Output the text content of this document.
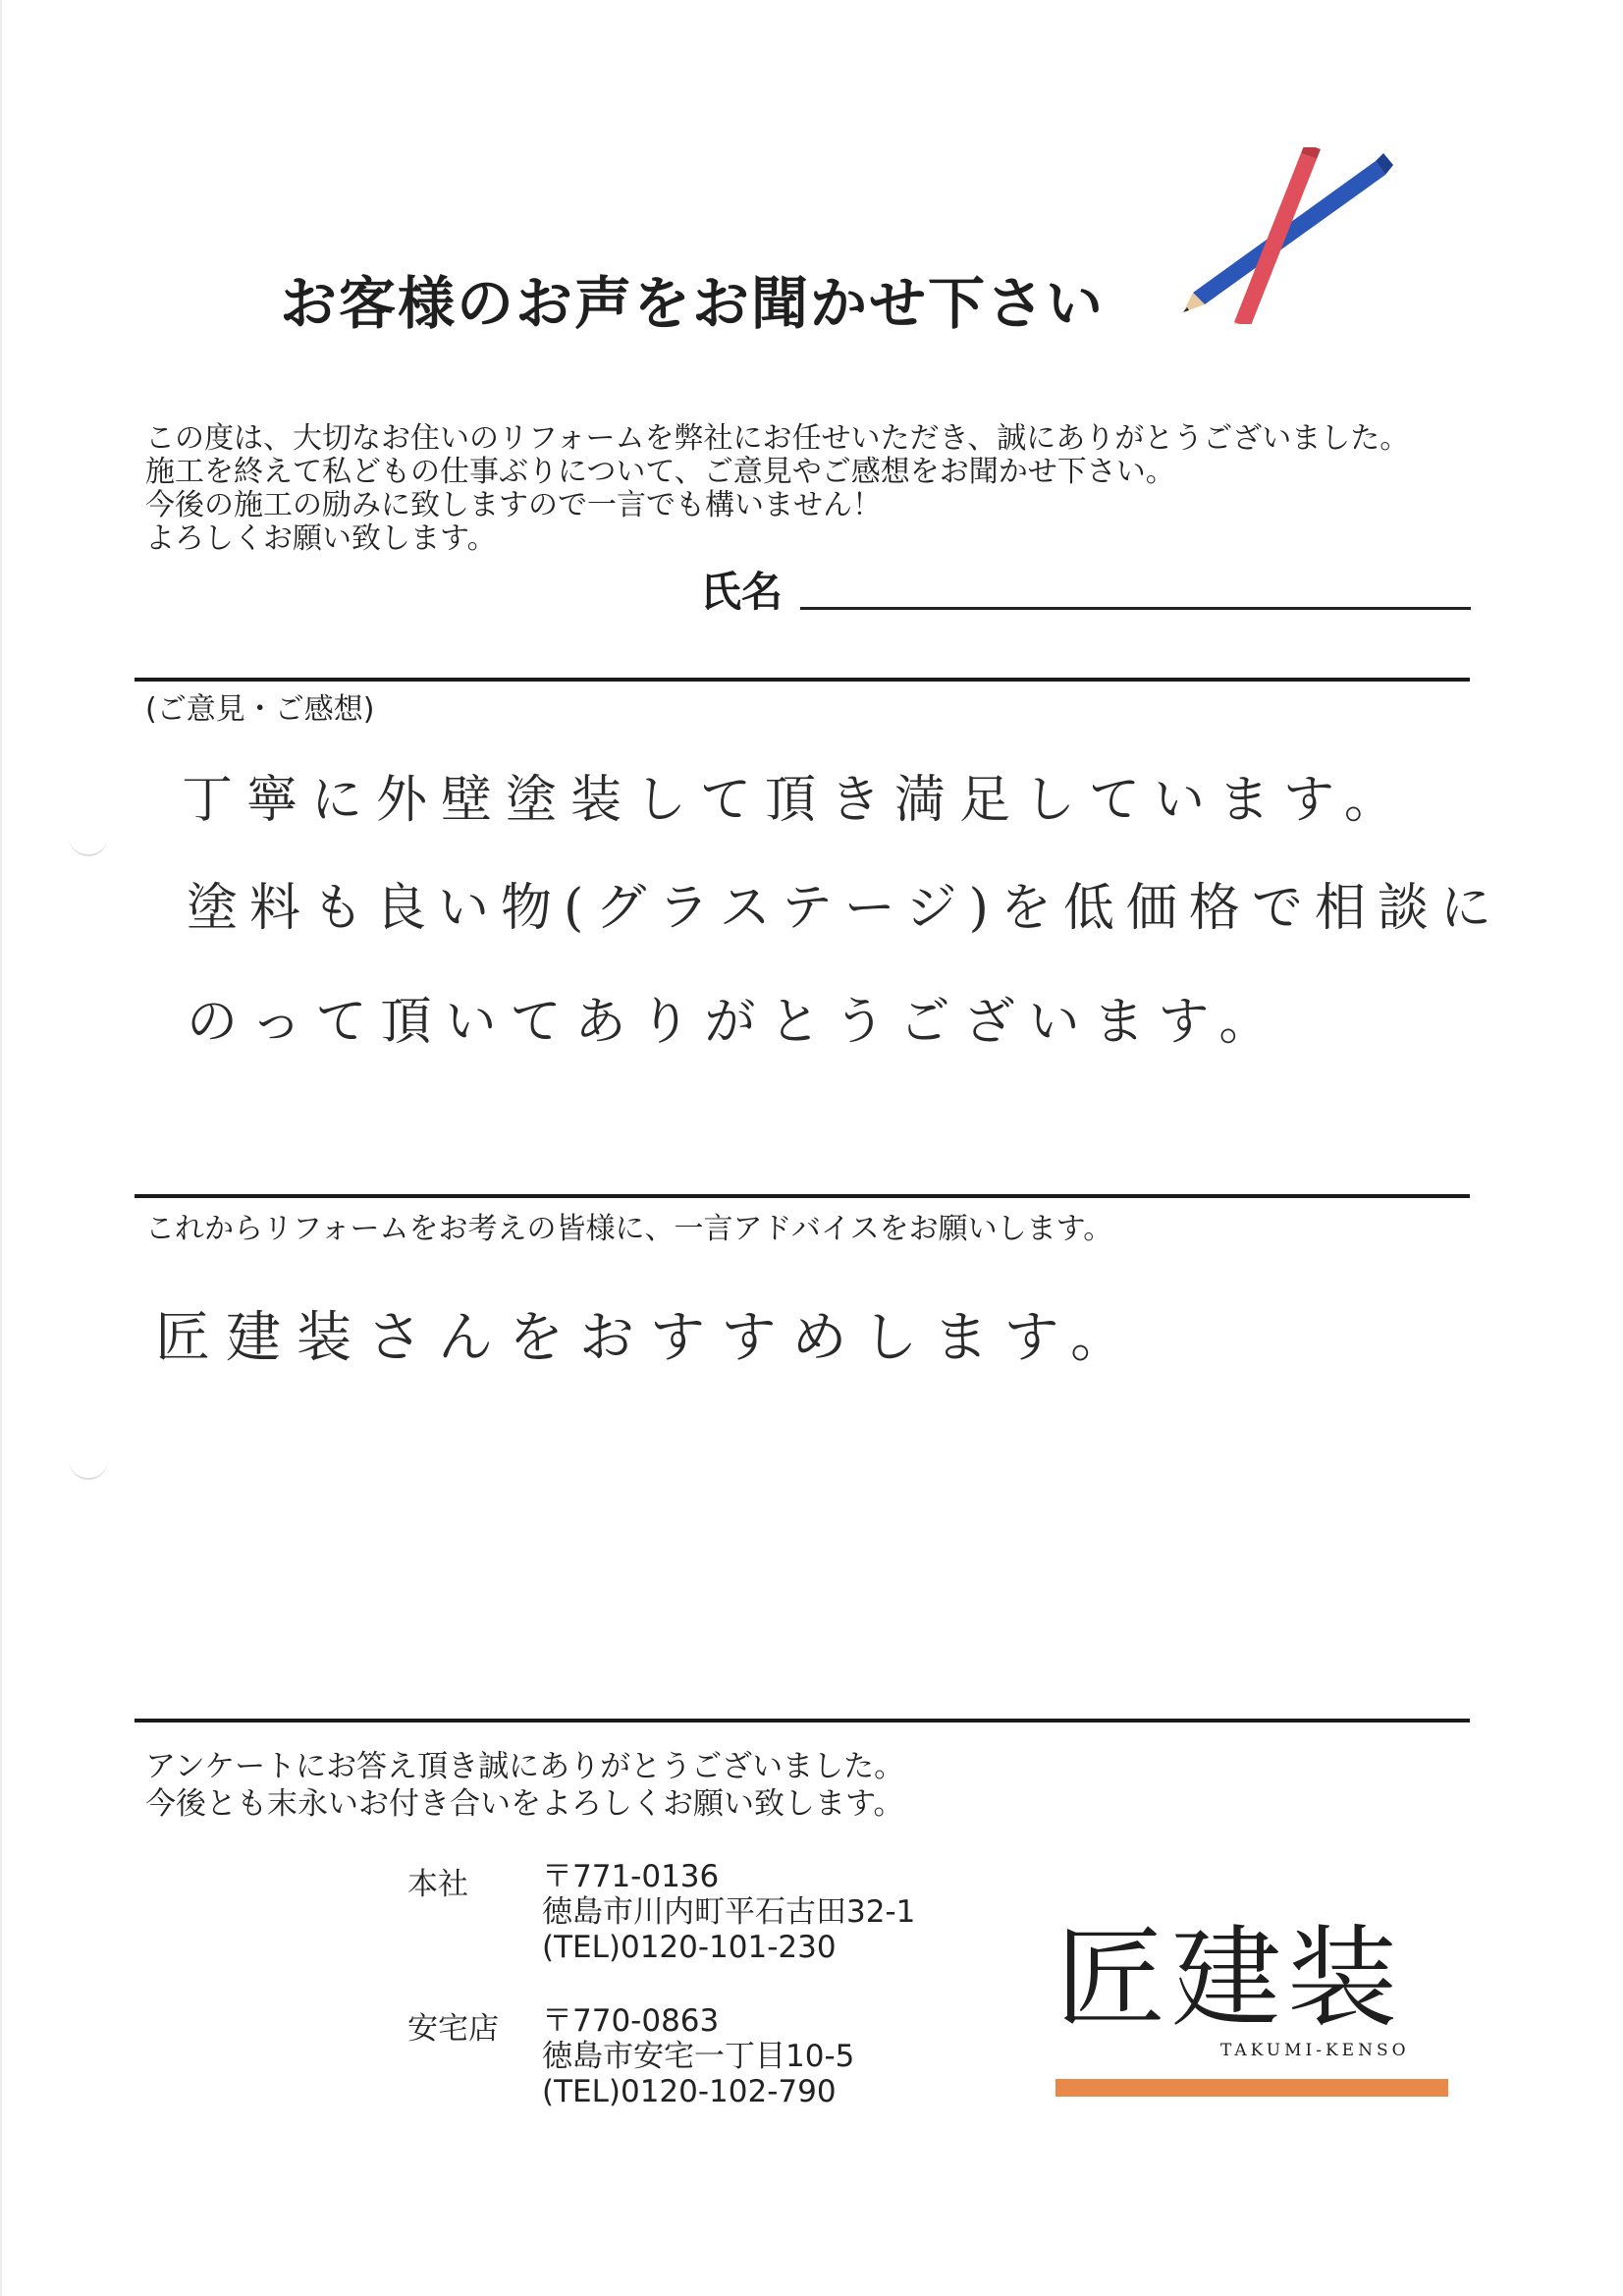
お客様のお声をお聞かせ下さい
この度は、大切なお住いのリフォームを弊社にお任せいただき、誠にありがとうございました。
施工を終えて私どもの仕事ぶりについて、ご意見やご感想をお聞かせ下さい。
今後の施工の励みに致しますので一言でも構いません！
よろしくお願い致します。
氏名
(ご意見・ご感想)
丁寧に外壁塗装して頂き満足しています。
塗料も良い物(グラステージ)を低価格で相談に
のって頂いてありがとうございます。
これからリフォームをお考えの皆様に、一言アドバイスをお願いします。
匠建装さんをおすすめします。
アンケートにお答え頂き誠にありがとうございました。
今後とも末永いお付き合いをよろしくお願い致します。
本社 〒771-0136
徳島市川内町平石古田32-1
(TEL)0120-101-230
安宅店 〒770-0863
徳島市安宅一丁目10-5
(TEL)0120-102-790
匠建装
TAKUMI-KENSO
